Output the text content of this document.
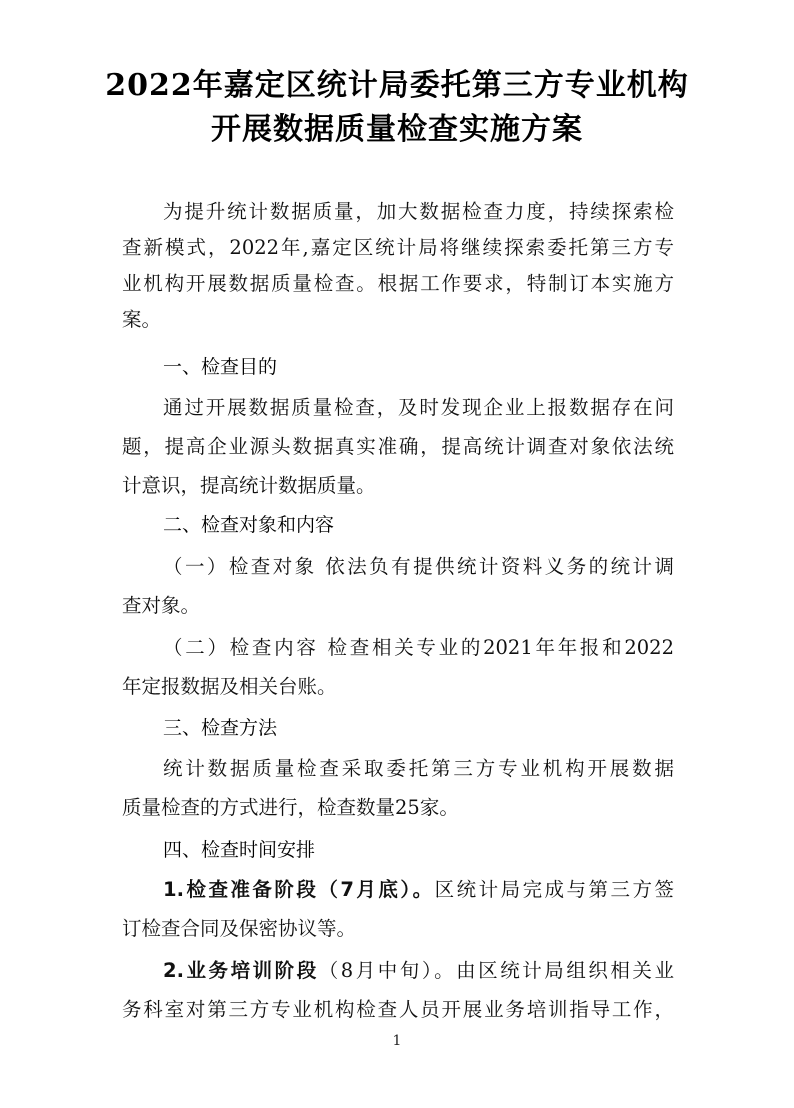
2022年嘉定区统计局委托第三方专业机构
开展数据质量检查实施方案
为提升统计数据质量，加大数据检查力度，持续探索检
查新模式，2022年,嘉定区统计局将继续探索委托第三方专
业机构开展数据质量检查。根据工作要求，特制订本实施方
案。
一、检查目的
通过开展数据质量检查，及时发现企业上报数据存在问
题，提高企业源头数据真实准确，提高统计调查对象依法统
计意识，提高统计数据质量。
二、检查对象和内容
（一）检查对象 依法负有提供统计资料义务的统计调
查对象。
（二）检查内容 检查相关专业的2021年年报和2022
年定报数据及相关台账。
三、检查方法
统计数据质量检查采取委托第三方专业机构开展数据
质量检查的方式进行，检查数量25家。
四、检查时间安排
1.检查准备阶段（7月底）。区统计局完成与第三方签
订检查合同及保密协议等。
2.业务培训阶段（8月中旬）。由区统计局组织相关业
务科室对第三方专业机构检查人员开展业务培训指导工作，
1
